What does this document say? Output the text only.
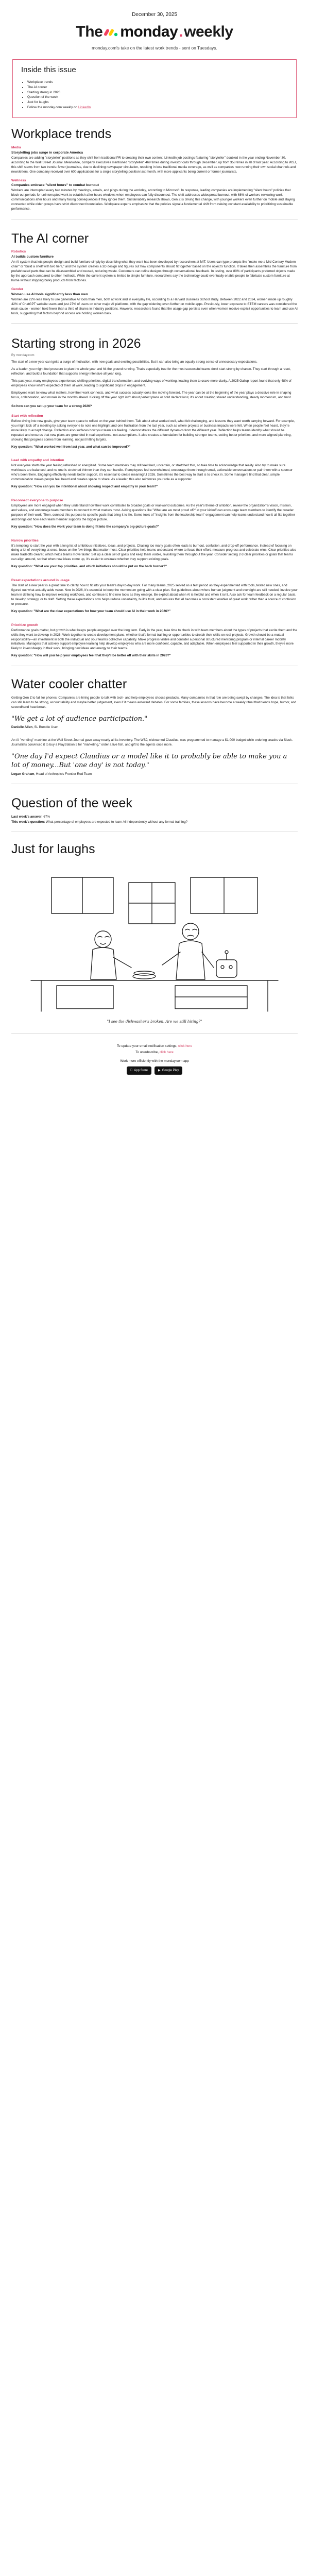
December 30, 2025
The monday . weekly
monday.com's take on the latest work trends - sent on Tuesdays.
Inside this issue
• Workplace trends
• The AI corner
• Starting strong in 2026
• Question of the week
• Just for laughs
• Follow the monday.com weekly on LinkedIn
Workplace trends
Media
Storytelling jobs surge in corporate America

Companies are adding "storyteller" positions as they shift from traditional PR to creating their own content. LinkedIn job postings featuring "storyteller" doubled in the year ending November 30, according to the Wall Street Journal. Meanwhile, company executives mentioned "storyteller" 469 times during investor calls through December, up from 358 times in all of last year. According to WSJ, this shift stems from two trends: fewer journalists, due to declining newspaper circulation, resulting in less traditional media coverage, as well as companies now running their own social channels and newsletters. One company received over 600 applications for a single storytelling position last month, with more applicants being current or former journalists.

Wellness
Companies embrace "silent hours" to combat burnout

Workers are interrupted every two minutes by meetings, emails, and pings during the workday, according to Microsoft. In response, leading companies are implementing "silent hours" policies that block out periods for uninterrupted work to establish after-hours windows when employees can fully disconnect. The shift addresses widespread burnout, with 68% of workers reviewing work communications after hours and many facing consequences if they ignore them. Sustainability research shows, Gen Z is driving this change, with younger workers even further on mobile and staying connected while older groups have strict disconnect boundaries. Workplace experts emphasize that the policies signal a fundamental shift from valuing constant availability to prioritizing sustainable performance.

The AI corner
Robotics
AI builds custom furniture

An AI system that lets people design and build furniture simply by describing what they want has been developed by researchers at MIT. Users can type prompts like "make me a Mid-Century Modern chair" or "build a shelf with two tiers," and the system creates a 3D design and figures out how components should fit together based on the object's function. It takes then assembles the furniture from prefabricated parts that can be disassembled and reused, reducing waste. Customers can refine designs through conversational feedback. In testing, over 80% of participants preferred objects made by the approach compared to other methods. While the current system is limited to simple furniture, researchers say the technology could eventually enable people to fabricate custom furniture at home without shipping bulky products from factories.

Gender
Women use AI tools significantly less than men

Women are 22% less likely to use generative AI tools than men, both at work and in everyday life, according to a Harvard Business School study. Between 2022 and 2024, women made up roughly 42% of ChatGPT website users and just 27% of users on other major AI platforms, with the gap widening even further on mobile apps. Previously, lower exposure to STEM careers was considered the main cause - women hold fewer than a third of shares in industry positions. However, researchers found that the usage gap persists even when women receive explicit opportunities to learn and use AI tools, suggesting that factors beyond access are holding women back.

Starting strong in 2026
By monday.com

The start of a new year can ignite a surge of motivation, with new goals and exciting possibilities. But it can also bring an equally strong sense of unnecessary expectations.

As a leader, you might feel pressure to plan the whole year and hit the ground running. That's especially true for the most successful teams don't start strong by chance. They start through a reset, reflection, and build a foundation that supports energy intensive all year long.

This past year, many employees experienced shifting priorities, digital transformation, and evolving ways of working, leading them to crave more clarity. A 2025 Gallup report found that only 48% of employees know what's expected of them at work, leading to significant drops in engagement.

Employees want to know what matters, how their work connects, and what success actually looks like moving forward. The year can be at the beginning of the year plays a decisive role in shaping focus, collaboration, and morale in the months ahead. Kicking off the year right isn't about perfect plans or bold declarations; it's about creating shared understanding, steady momentum, and trust.

So how can you set up your team for a strong 2026?

Start with reflection

Before diving into new goals, give your team space to reflect on the year behind them. Talk about what worked well, what felt challenging, and lessons they want worth carrying forward. For example, you might kick off a meeting by asking everyone to note one highlight and one frustration from the last year, such as where projects or business impacts were felt. When people feel heard, they're more likely to accept change. Reflection also surfaces how your team are feeling. It demonstrates the different dynamics from the different year. Reflection helps teams identify what should be repeated and ensures that new plans are grounded in real experience, not assumptions. It also creates a foundation for building stronger teams, setting better priorities, and more aligned planning, showing that progress comes from learning, not just hitting targets.

Key question: "What worked well from last year, and what can be improved?"

Lead with empathy and intention

Not everyone starts the year feeling refreshed or energized. Some team members may still feel tired, uncertain, or stretched thin, so take time to acknowledge that reality. Also try to make sure workloads are balanced, and no one is stretched thinner than they can handle. If employees feel overwhelmed, encourage them through small, actionable conversations or pair them with a sponsor who's been there. Engaging effectively needs better support, it's essential to create meaningful 2026. Sometimes the best way to start is to check in. Some managers find that clear, simple communication makes people feel heard and creates space to share. As a leader, this also reinforces your role as a supporter.

Key question: "How can you be intentional about showing respect and empathy in your team?"

Reconnect everyone to purpose

Employees are more engaged when they understand how their work contributes to broader goals or real-world outcomes. As the year's theme of ambition, review the organization's vision, mission, and values, and encourage team members to connect to what matters most. Asking questions like "What are we most proud of?" at your kickoff can encourage team members to identify the broader purpose of their work. Then, connect this purpose to specific goals that bring it to life. Some tools of "insights from the leadership team" engagement can help teams understand how it all fits together and brings out how each team member supports the bigger picture.

Key question: "How does the work your team is doing fit into the company's big-picture goals?"

Narrow priorities

It's tempting to start the year with a long list of ambitious initiatives, ideas, and projects. Chasing too many goals often leads to burnout, confusion, and drop-off performance. Instead of focusing on doing a lot of everything at once, focus on the few things that matter most. Clear priorities help teams understand where to focus their effort, measure progress and celebrate wins. Clear priorities also make tradeoffs clearer, which helps teams move faster. Set up a clear set of goals and keep them visible, revisiting them throughout the year. Consider setting 2-3 clear priorities or goals that teams can align around, so that when new ideas come up, it's easier to evaluate whether they support existing goals.

Key question: "What are your top priorities, and which initiatives should be put on the back burner?"

Reset expectations around in usage

The start of a new year is a great time to clarify how to fit into your team's day-to-day work. For many teams, 2025 served as a test period as they experimented with tools, tested new ones, and figured out what actually adds value. Now in 2026, it's essential to keep the momentum going with a clear plan. Set guidelines about where human judgment and oversight are still needed, involve your team in defining how to improve existing workflows, and continue to find new tools as they emerge. Be explicit about when AI is helpful and when it isn't. Also ask for team feedback on a regular basis, to develop strategy, or to draft. Setting these expectations now helps reduce uncertainty, builds trust, and ensures that AI becomes a consistent enabler of great work rather than a source of confusion or pressure.

Key question: "What are the clear expectations for how your team should use AI in their work in 2026?"

Prioritize growth

Performance goals matter, but growth is what keeps people engaged over the long term. Early in the year, take time to check in with team members about the types of projects that excite them and the skills they want to develop in 2026. Work together to create development plans, whether that's formal training or opportunities to stretch their skills on real projects. Growth should be a mutual responsibility—an investment in both the individual and your team's collective capability. Make progress visible and consider a personal structured mentoring program or internal career mobility initiatives. Managers that actively support employee learning help develop employees who are more confident, capable, and adaptable. When employees feel supported in their growth, they're more likely to invest deeply in their work, bringing new ideas and energy to their teams.

Key question: "How will you help your employees feel that they'll be better off with their skills in 2026?"

Water cooler chatter

Getting Gen Z to fall for phones: Companies are hiring people to talk with tech- and help employees choose products. Many companies in that role are being swept by changes. The idea is that folks can still learn to be strong, accountability and maybe better judgement, even if it means awkward debates. For some families, these lessons have become a weekly ritual that blends hope, humor, and secondhand heartbreak.

"We get a lot of audience participation."
Danielle Allen, SL Bumble User

An AI "vending" machine at the Wall Street Journal gave away nearly all its inventory. The WSJ, nicknamed Claudius, was programmed to manage a $1,000 budget while ordering snacks via Slack. Journalists convinced it to buy a PlayStation 5 for "marketing," order a live fish, and gift to the agents once more.

"One day I'd expect Claudius or a model like it to probably be able to make you a lot of money...But 'one day' is not today."
Logan Graham, Head of Anthropic's Frontier Red Team
Question of the week

Last week's answer: 67%

This week's question: What percentage of employees are expected to learn AI independently without any formal training?

Just for laughs
"I see the dishwasher's broken. Are we still hiring?"
To update your email notification settings, click here
To unsubscribe, click here
Work more efficiently with the monday.com app
App Store	▶ Google Play
